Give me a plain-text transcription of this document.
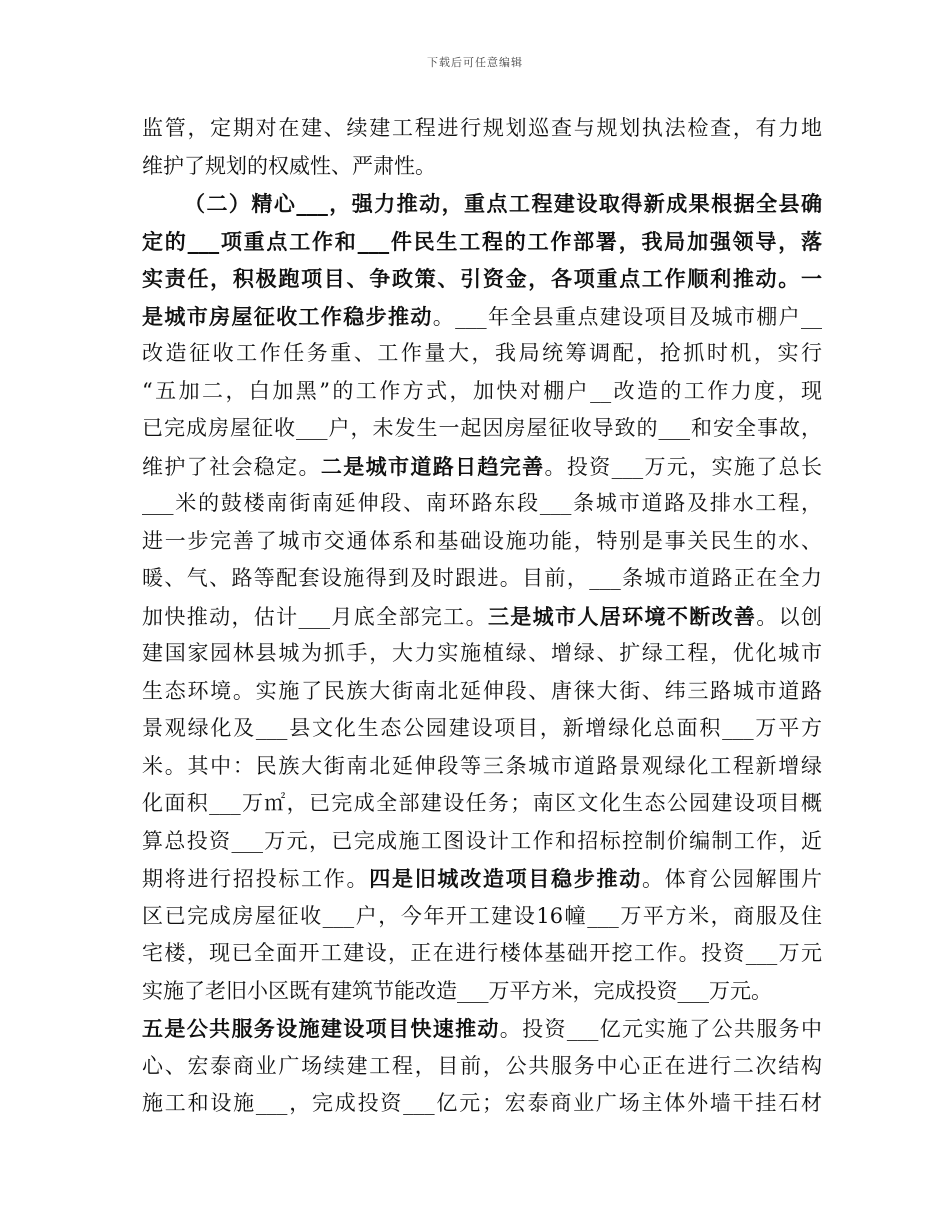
下载后可任意编辑
监管，定期对在建、续建工程进行规划巡查与规划执法检查，有力地
维护了规划的权威性、严肃性。
（二）精心___，强力推动，重点工程建设取得新成果根据全县确
定的___项重点工作和___件民生工程的工作部署，我局加强领导，落
实责任，积极跑项目、争政策、引资金，各项重点工作顺利推动。一
是城市房屋征收工作稳步推动。___年全县重点建设项目及城市棚户__
改造征收工作任务重、工作量大，我局统筹调配，抢抓时机，实行
“五加二，白加黑”的工作方式，加快对棚户__改造的工作力度，现
已完成房屋征收___户，未发生一起因房屋征收导致的___和安全事故，
维护了社会稳定。二是城市道路日趋完善。投资___万元，实施了总长
___米的鼓楼南街南延伸段、南环路东段___条城市道路及排水工程，
进一步完善了城市交通体系和基础设施功能，特别是事关民生的水、
暖、气、路等配套设施得到及时跟进。目前，___条城市道路正在全力
加快推动，估计___月底全部完工。三是城市人居环境不断改善。以创
建国家园林县城为抓手，大力实施植绿、增绿、扩绿工程，优化城市
生态环境。实施了民族大街南北延伸段、唐徕大街、纬三路城市道路
景观绿化及___县文化生态公园建设项目，新增绿化总面积___万平方
米。其中：民族大街南北延伸段等三条城市道路景观绿化工程新增绿
化面积___万㎡，已完成全部建设任务；南区文化生态公园建设项目概
算总投资___万元，已完成施工图设计工作和招标控制价编制工作，近
期将进行招投标工作。四是旧城改造项目稳步推动。体育公园解围片
区已完成房屋征收___户，今年开工建设16幢___万平方米，商服及住
宅楼，现已全面开工建设，正在进行楼体基础开挖工作。投资___万元
实施了老旧小区既有建筑节能改造___万平方米，完成投资___万元。
五是公共服务设施建设项目快速推动。投资___亿元实施了公共服务中
心、宏泰商业广场续建工程，目前，公共服务中心正在进行二次结构
施工和设施___，完成投资___亿元；宏泰商业广场主体外墙干挂石材
